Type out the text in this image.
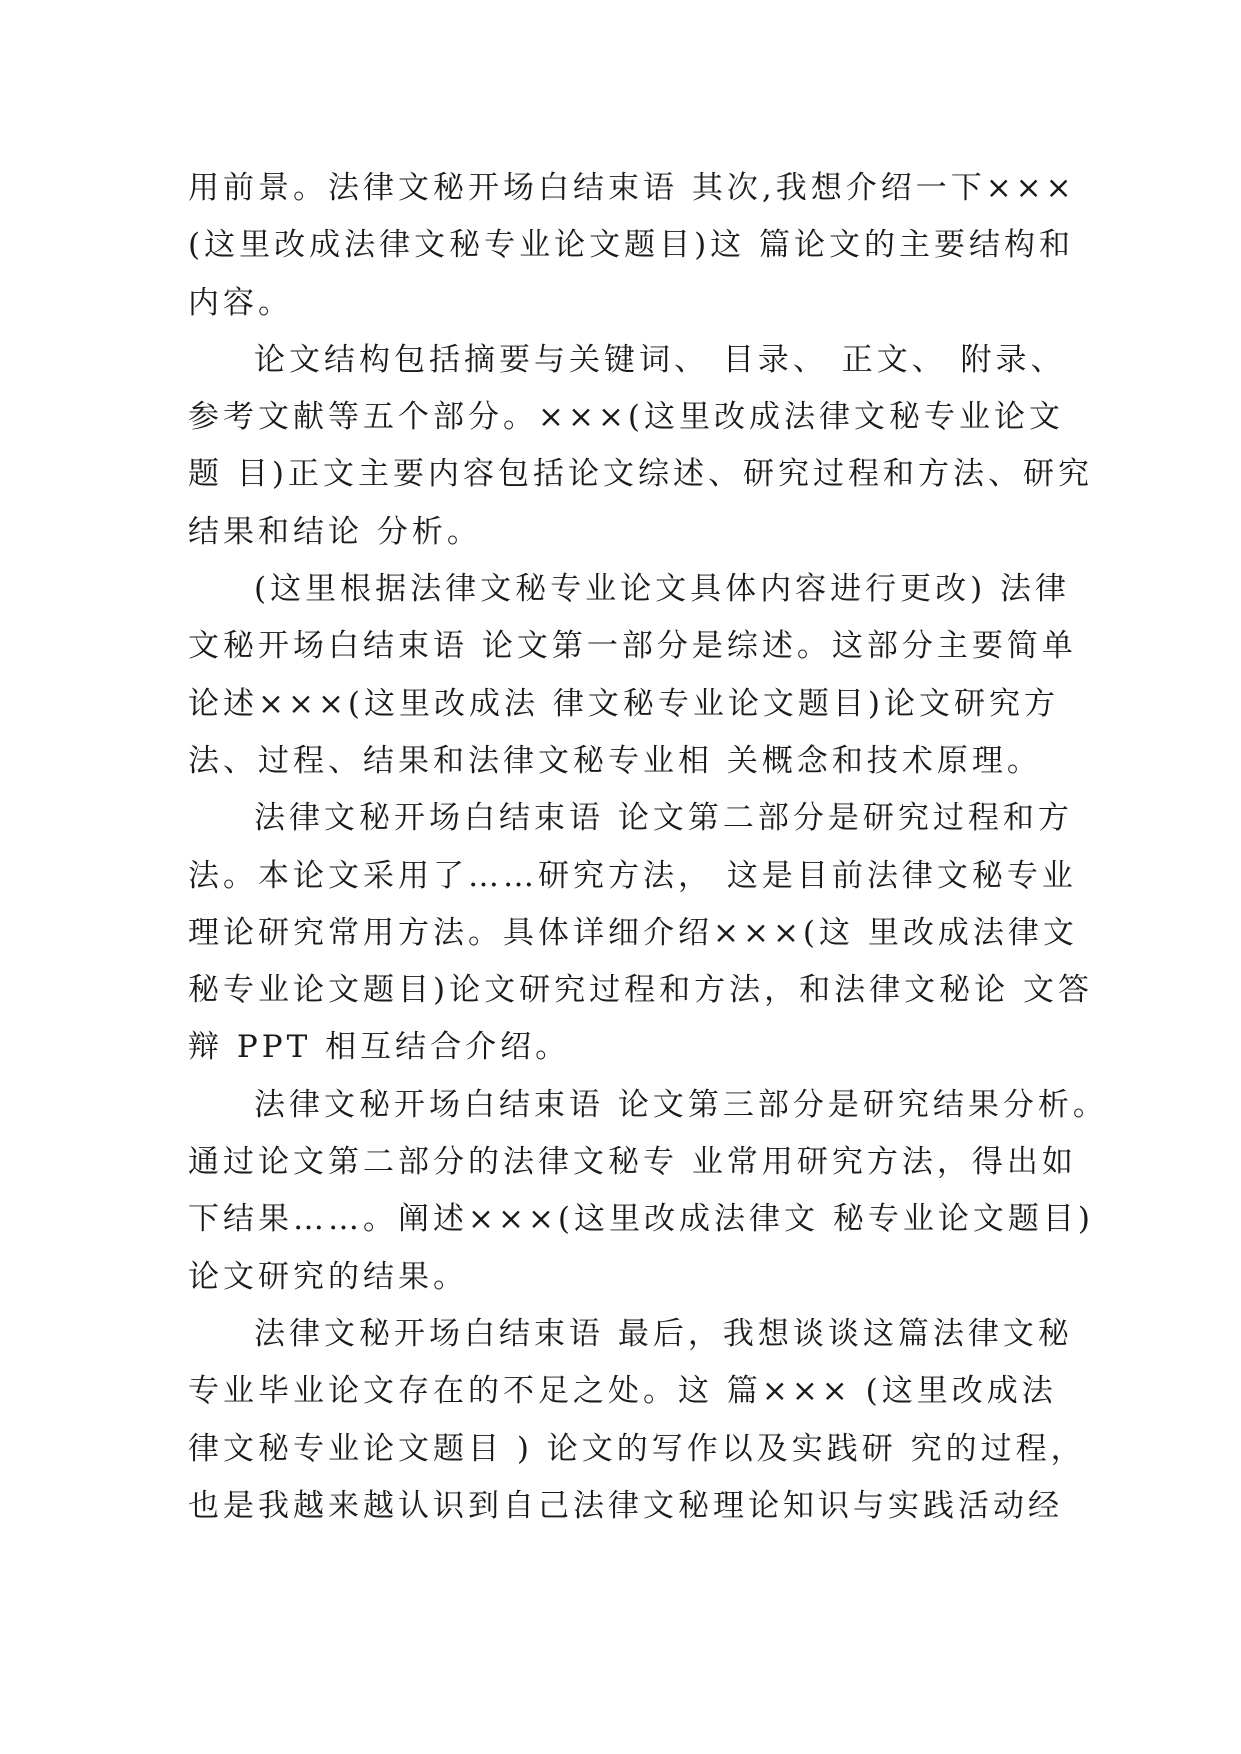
用前景。法律文秘开场白结束语 其次,我想介绍一下×××
(这里改成法律文秘专业论文题目)这 篇论文的主要结构和
内容。
论文结构包括摘要与关键词、 目录、 正文、 附录、
参考文献等五个部分。×××(这里改成法律文秘专业论文
题 目)正文主要内容包括论文综述、研究过程和方法、研究
结果和结论 分析。
(这里根据法律文秘专业论文具体内容进行更改) 法律
文秘开场白结束语 论文第一部分是综述。这部分主要简单
论述×××(这里改成法 律文秘专业论文题目)论文研究方
法、过程、结果和法律文秘专业相 关概念和技术原理。
法律文秘开场白结束语 论文第二部分是研究过程和方
法。本论文采用了……研究方法， 这是目前法律文秘专业
理论研究常用方法。具体详细介绍×××(这 里改成法律文
秘专业论文题目)论文研究过程和方法，和法律文秘论 文答
辩 PPT 相互结合介绍。
法律文秘开场白结束语 论文第三部分是研究结果分析。
通过论文第二部分的法律文秘专 业常用研究方法，得出如
下结果……。阐述×××(这里改成法律文 秘专业论文题目)
论文研究的结果。
法律文秘开场白结束语 最后，我想谈谈这篇法律文秘
专业毕业论文存在的不足之处。这 篇××× (这里改成法
律文秘专业论文题目 ) 论文的写作以及实践研 究的过程，
也是我越来越认识到自己法律文秘理论知识与实践活动经
